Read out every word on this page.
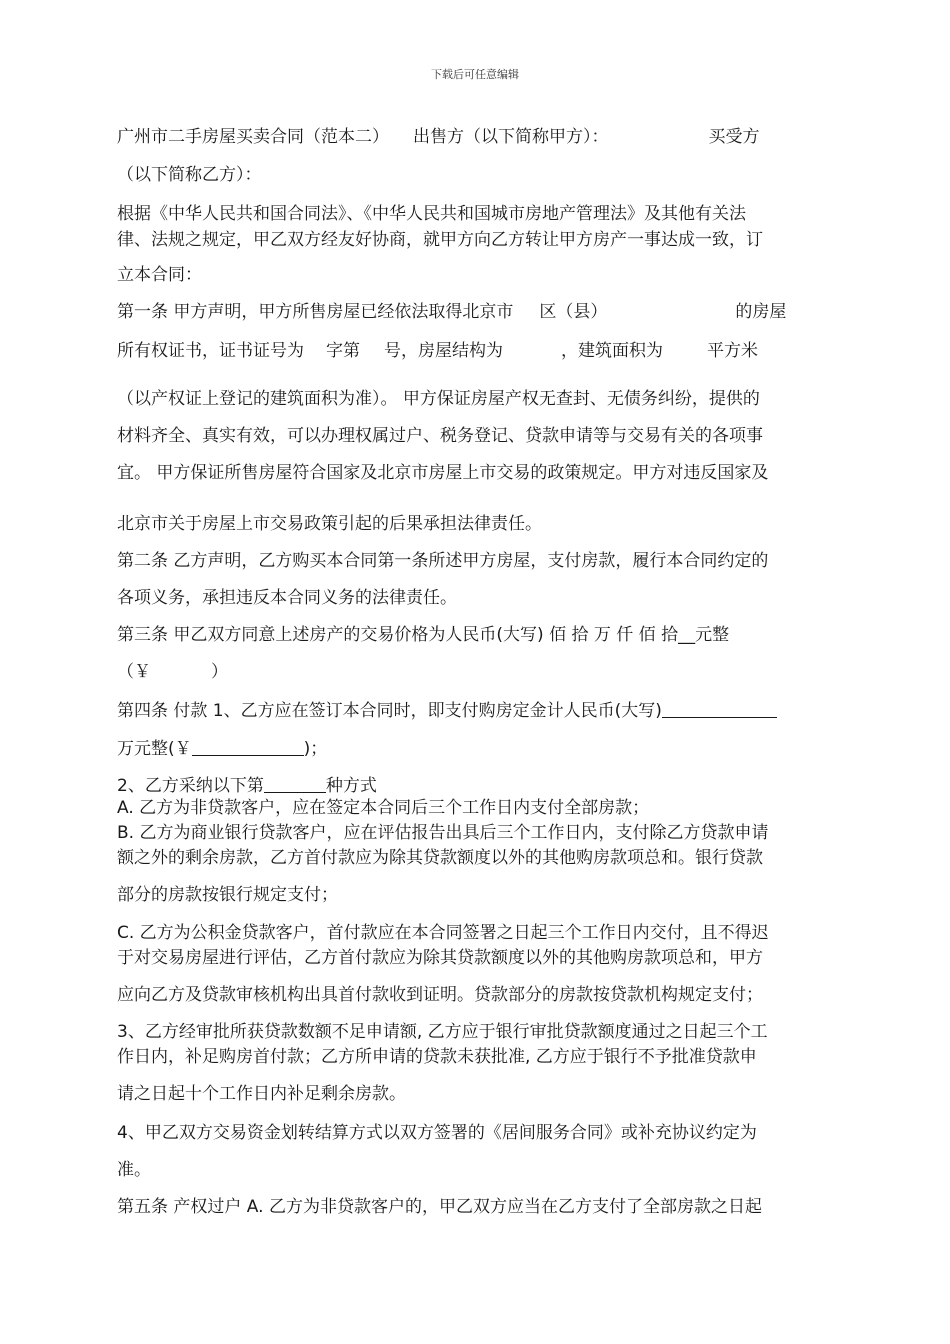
下载后可任意编辑
广州市二手房屋买卖合同（范本二） 出售方（以下简称甲方）：	买受方
（以下简称乙方）：
根据《中华人民共和国合同法》、《中华人民共和国城市房地产管理法》及其他有关法
律、法规之规定，甲乙双方经友好协商，就甲方向乙方转让甲方房产一事达成一致，订
立本合同：
第一条 甲方声明，甲方所售房屋已经依法取得北京市 区（县）	的房屋
所有权证书，证书证号为 字第 号，房屋结构为	，建筑面积为	平方米
（以产权证上登记的建筑面积为准）。 甲方保证房屋产权无查封、无债务纠纷，提供的
材料齐全、真实有效，可以办理权属过户、税务登记、贷款申请等与交易有关的各项事
宜。 甲方保证所售房屋符合国家及北京市房屋上市交易的政策规定。甲方对违反国家及
北京市关于房屋上市交易政策引起的后果承担法律责任。
第二条 乙方声明，乙方购买本合同第一条所述甲方房屋，支付房款，履行本合同约定的
各项义务，承担违反本合同义务的法律责任。
第三条 甲乙双方同意上述房产的交易价格为人民币(大写) 佰 拾 万 仟 佰 拾__元整
（￥	）
第四条 付款 1、乙方应在签订本合同时，即支付购房定金计人民币(大写)
万元整(￥	)；
2、乙方采纳以下第	种方式
A. 乙方为非贷款客户，应在签定本合同后三个工作日内支付全部房款；
B. 乙方为商业银行贷款客户，应在评估报告出具后三个工作日内，支付除乙方贷款申请
额之外的剩余房款，乙方首付款应为除其贷款额度以外的其他购房款项总和。银行贷款
部分的房款按银行规定支付；
C. 乙方为公积金贷款客户，首付款应在本合同签署之日起三个工作日内交付，且不得迟
于对交易房屋进行评估，乙方首付款应为除其贷款额度以外的其他购房款项总和，甲方
应向乙方及贷款审核机构出具首付款收到证明。贷款部分的房款按贷款机构规定支付；
3、乙方经审批所获贷款数额不足申请额, 乙方应于银行审批贷款额度通过之日起三个工
作日内，补足购房首付款；乙方所申请的贷款未获批准, 乙方应于银行不予批准贷款申
请之日起十个工作日内补足剩余房款。
4、甲乙双方交易资金划转结算方式以双方签署的《居间服务合同》或补充协议约定为
准。
第五条 产权过户 A. 乙方为非贷款客户的，甲乙双方应当在乙方支付了全部房款之日起
